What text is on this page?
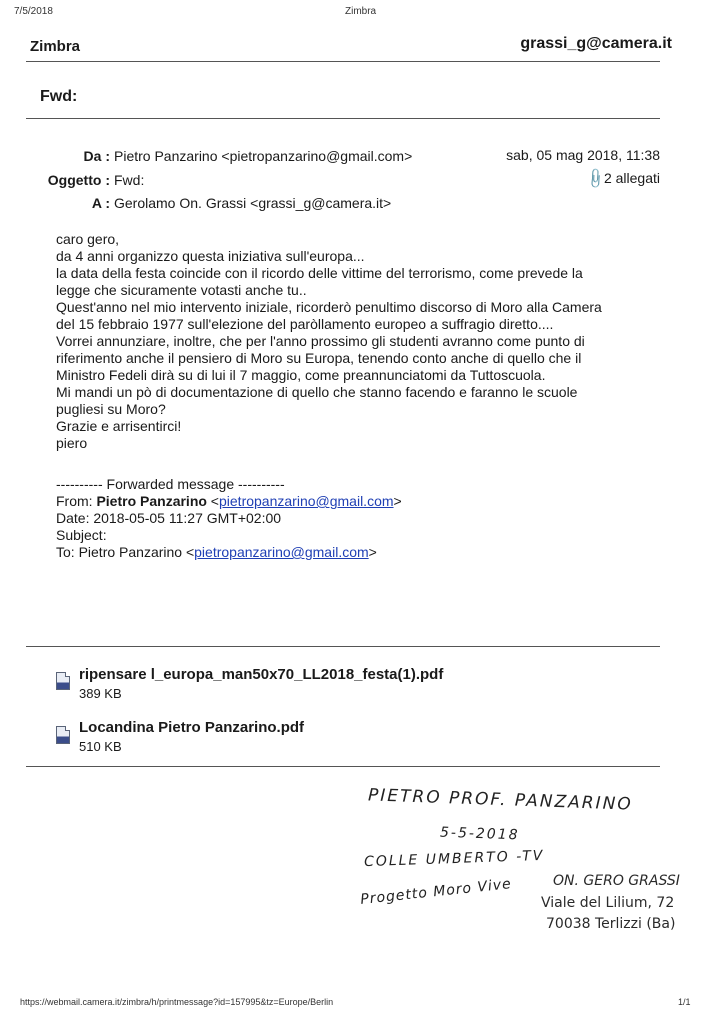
7/5/2018	Zimbra
Zimbra	grassi_g@camera.it
Fwd:
Da : Pietro Panzarino <pietropanzarino@gmail.com>	sab, 05 mag 2018, 11:38
Oggetto : Fwd:	📎2 allegati
A : Gerolamo On. Grassi <grassi_g@camera.it>
caro gero,
da 4 anni organizzo questa iniziativa sull'europa...
la data della festa coincide con il ricordo delle vittime del terrorismo, come prevede la
legge che sicuramente votasti anche tu..
Quest'anno nel mio intervento iniziale, ricorderò penultimo discorso di Moro alla Camera
del 15 febbraio 1977 sull'elezione del paròllamento europeo a suffragio diretto....
Vorrei annunziare, inoltre, che per l'anno prossimo gli studenti avranno come punto di
riferimento anche il pensiero di Moro su Europa, tenendo conto anche di quello che il
Ministro Fedeli dirà su di lui il 7 maggio, come preannunciatomi da Tuttoscuola.
Mi mandi un pò di documentazione di quello che stanno facendo e faranno le scuole
pugliesi su Moro?
Grazie e arrisentirci!
piero
---------- Forwarded message ----------
From: Pietro Panzarino <pietropanzarino@gmail.com>
Date: 2018-05-05 11:27 GMT+02:00
Subject:
To: Pietro Panzarino <pietropanzarino@gmail.com>
ripensare l_europa_man50x70_LL2018_festa(1).pdf
389 KB
Locandina Pietro Panzarino.pdf
510 KB
PIETRO PROF. PANZARINO
5-5-2018
COLLE UMBERTO -TV
Progetto Moro Vive	ON. GERO GRASSI
Viale del Lilium, 72
70038 Terlizzi (Ba)
https://webmail.camera.it/zimbra/h/printmessage?id=157995&tz=Europe/Berlin	1/1
